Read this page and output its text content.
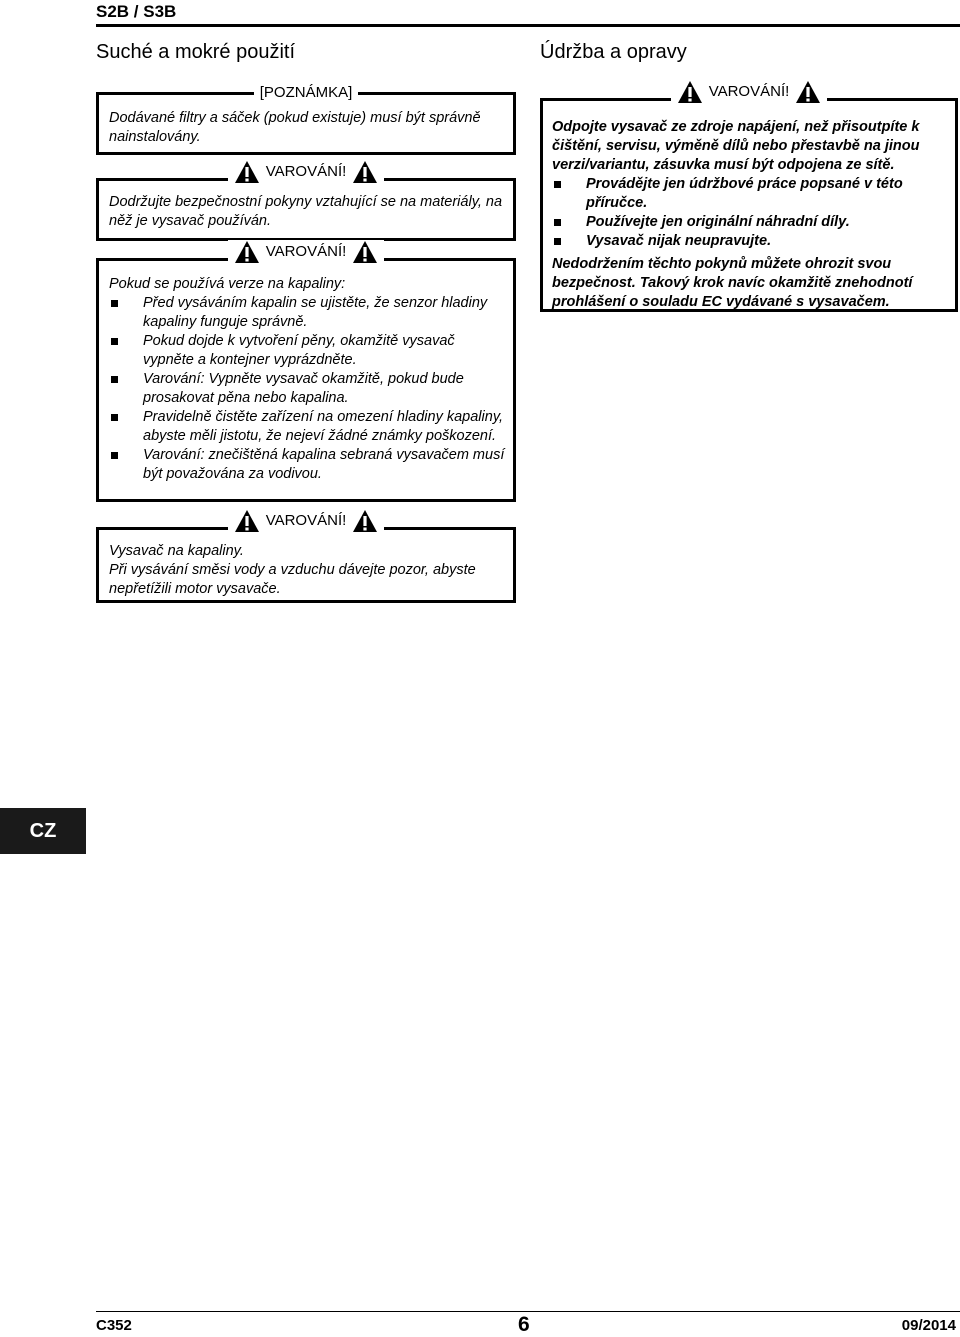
S2B / S3B
Suché a mokré použití
[POZNÁMKA]
Dodávané filtry a sáček (pokud existuje) musí být správně nainstalovány.
VAROVÁNÍ!
Dodržujte bezpečnostní pokyny vztahující se na materiály, na něž je vysavač používán.
VAROVÁNÍ!
Pokud se používá verze na kapaliny:
Před vysáváním kapalin se ujistěte, že senzor hladiny kapaliny funguje správně.
Pokud dojde k vytvoření pěny, okamžitě vysavač vypněte a kontejner vyprázdněte.
Varování: Vypněte vysavač okamžitě, pokud bude prosakovat pěna nebo kapalina.
Pravidelně čistěte zařízení na omezení hladiny kapaliny, abyste měli jistotu, že nejeví žádné známky poškození.
Varování: znečištěná kapalina sebraná vysavačem musí být považována za vodivou.
VAROVÁNÍ!
Vysavač na kapaliny.
Při vysávání směsi vody a vzduchu dávejte pozor, abyste nepřetížili motor vysavače.
Údržba a opravy
VAROVÁNÍ!
Odpojte vysavač ze zdroje napájení, než přisoutpíte k čištění, servisu, výměně dílů nebo přestavbě na jinou verzi/variantu, zásuvka musí být odpojena ze sítě.
Provádějte jen údržbové práce popsané v této příručce.
Používejte jen originální náhradní díly.
Vysavač nijak neupravujte.
Nedodržením těchto pokynů můžete ohrozit svou bezpečnost. Takový krok navíc okamžitě znehodnotí prohlášení o souladu EC vydávané s vysavačem.
CZ
C352	6	09/2014
